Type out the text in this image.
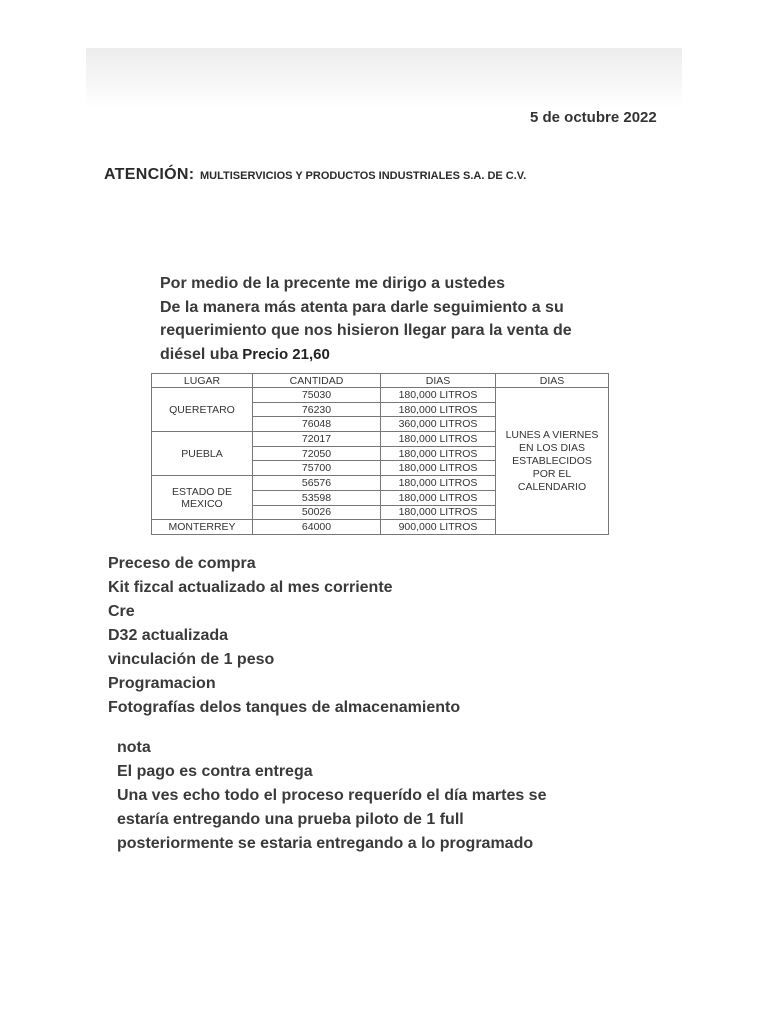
5 de octubre 2022
ATENCIÓN: MULTISERVICIOS Y PRODUCTOS INDUSTRIALES S.A. DE C.V.
Por medio de la precente me dirigo a ustedes
De la manera más atenta para darle seguimiento a su
requerimiento que nos hisieron llegar para la venta de
diésel uba Precio 21,60
LUGAR	CANTIDAD	DIAS	DIAS
QUERETARO	75030	180,000 LITROS	LUNES A VIERNES EN LOS DIAS ESTABLECIDOS POR EL CALENDARIO
	76230	180,000 LITROS	
	76048	360,000 LITROS	
PUEBLA	72017	180,000 LITROS	
	72050	180,000 LITROS	
	75700	180,000 LITROS	
ESTADO DE MEXICO	56576	180,000 LITROS	
	53598	180,000 LITROS	
	50026	180,000 LITROS	
MONTERREY	64000	900,000 LITROS	
Preceso de compra
Kit fizcal actualizado al mes corriente
Cre
D32 actualizada
vinculación de 1 peso
Programacion
Fotografías delos tanques de almacenamiento
nota
El pago es contra entrega
Una ves echo todo el proceso requerído el día martes se
estaría entregando una prueba piloto de 1 full
posteriormente se estaria entregando a lo programado
